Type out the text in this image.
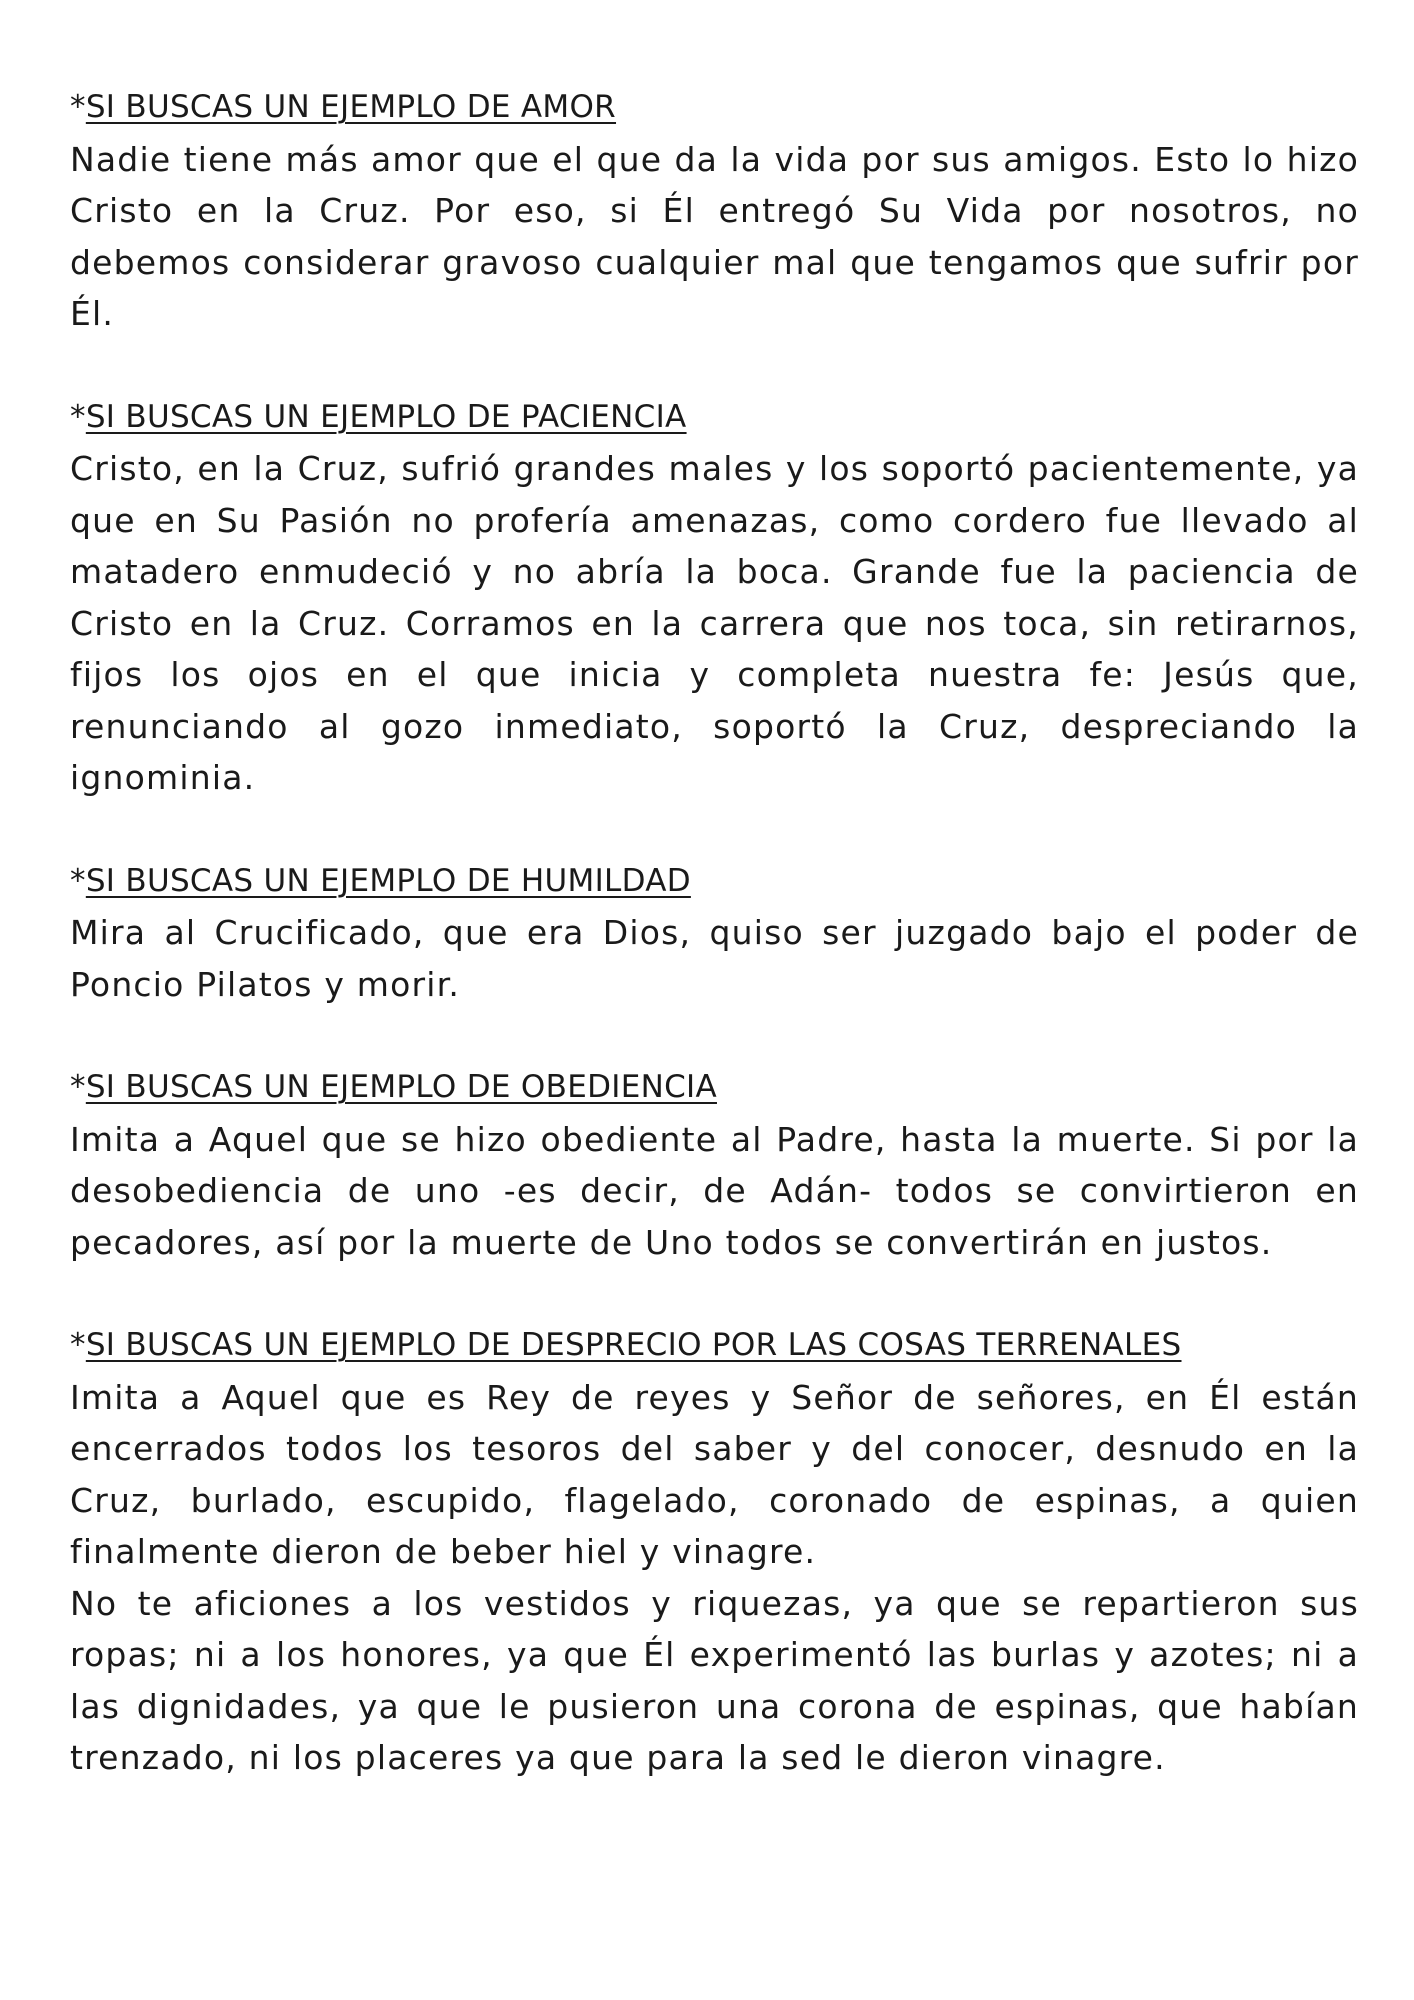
*SI BUSCAS UN EJEMPLO DE AMOR

Nadie tiene más amor que el que da la vida por sus amigos. Esto lo hizo Cristo en la Cruz. Por eso, si Él entregó Su Vida por nosotros, no debemos considerar gravoso cualquier mal que tengamos que sufrir por Él.

*SI BUSCAS UN EJEMPLO DE PACIENCIA

Cristo, en la Cruz, sufrió grandes males y los soportó pacientemente, ya que en Su Pasión no profería amenazas, como cordero fue llevado al matadero enmudeció y no abría la boca. Grande fue la paciencia de Cristo en la Cruz. Corramos en la carrera que nos toca, sin retirarnos, fijos los ojos en el que inicia y completa nuestra fe: Jesús que, renunciando al gozo inmediato, soportó la Cruz, despreciando la ignominia.

*SI BUSCAS UN EJEMPLO DE HUMILDAD

Mira al Crucificado, que era Dios, quiso ser juzgado bajo el poder de Poncio Pilatos y morir.

*SI BUSCAS UN EJEMPLO DE OBEDIENCIA

Imita a Aquel que se hizo obediente al Padre, hasta la muerte. Si por la desobediencia de uno -es decir, de Adán- todos se convirtieron en pecadores, así por la muerte de Uno todos se convertirán en justos.

*SI BUSCAS UN EJEMPLO DE DESPRECIO POR LAS COSAS TERRENALES

Imita a Aquel que es Rey de reyes y Señor de señores, en Él están encerrados todos los tesoros del saber y del conocer, desnudo en la Cruz, burlado, escupido, flagelado, coronado de espinas, a quien finalmente dieron de beber hiel y vinagre.

No te aficiones a los vestidos y riquezas, ya que se repartieron sus ropas; ni a los honores, ya que Él experimentó las burlas y azotes; ni a las dignidades, ya que le pusieron una corona de espinas, que habían trenzado, ni los placeres ya que para la sed le dieron vinagre.
